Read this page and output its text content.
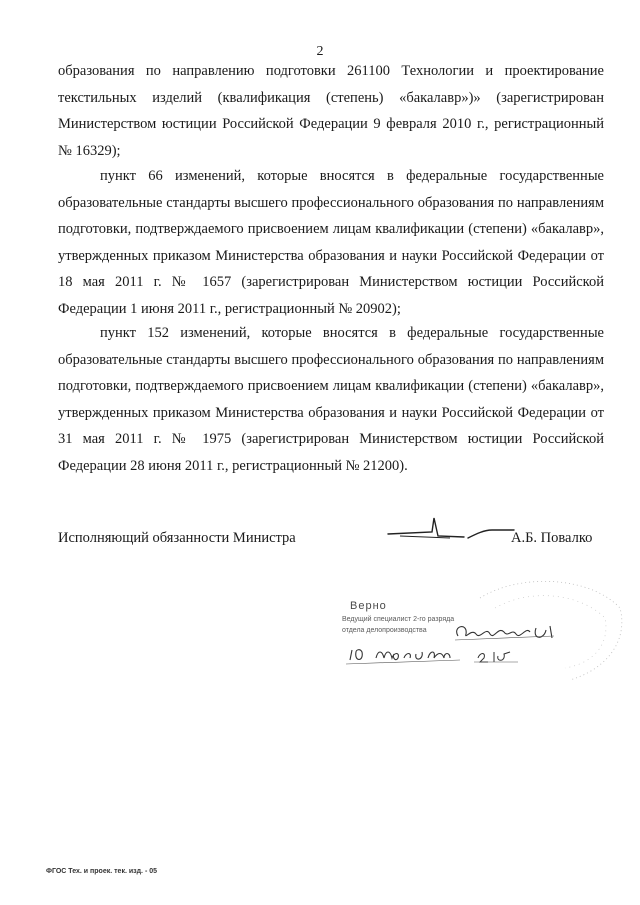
2

образования по направлению подготовки 261100 Технологии и проектирование текстильных изделий (квалификация (степень) «бакалавр»)» (зарегистрирован Министерством юстиции Российской Федерации 9 февраля 2010 г., регистрационный № 16329);

пункт 66 изменений, которые вносятся в федеральные государственные образовательные стандарты высшего профессионального образования по направлениям подготовки, подтверждаемого присвоением лицам квалификации (степени) «бакалавр», утвержденных приказом Министерства образования и науки Российской Федерации от 18 мая 2011 г. № 1657 (зарегистрирован Министерством юстиции Российской Федерации 1 июня 2011 г., регистрационный № 20902);

пункт 152 изменений, которые вносятся в федеральные государственные образовательные стандарты высшего профессионального образования по направлениям подготовки, подтверждаемого присвоением лицам квалификации (степени) «бакалавр», утвержденных приказом Министерства образования и науки Российской Федерации от 31 мая 2011 г. № 1975 (зарегистрирован Министерством юстиции Российской Федерации 28 июня 2011 г., регистрационный № 21200).

Исполняющий обязанности Министра	А.Б. Повалко
Верно
Ведущий специалист 2-го разряда
отдела делопроизводства
ФГОС Тех. и проек. тек. изд. - 05
